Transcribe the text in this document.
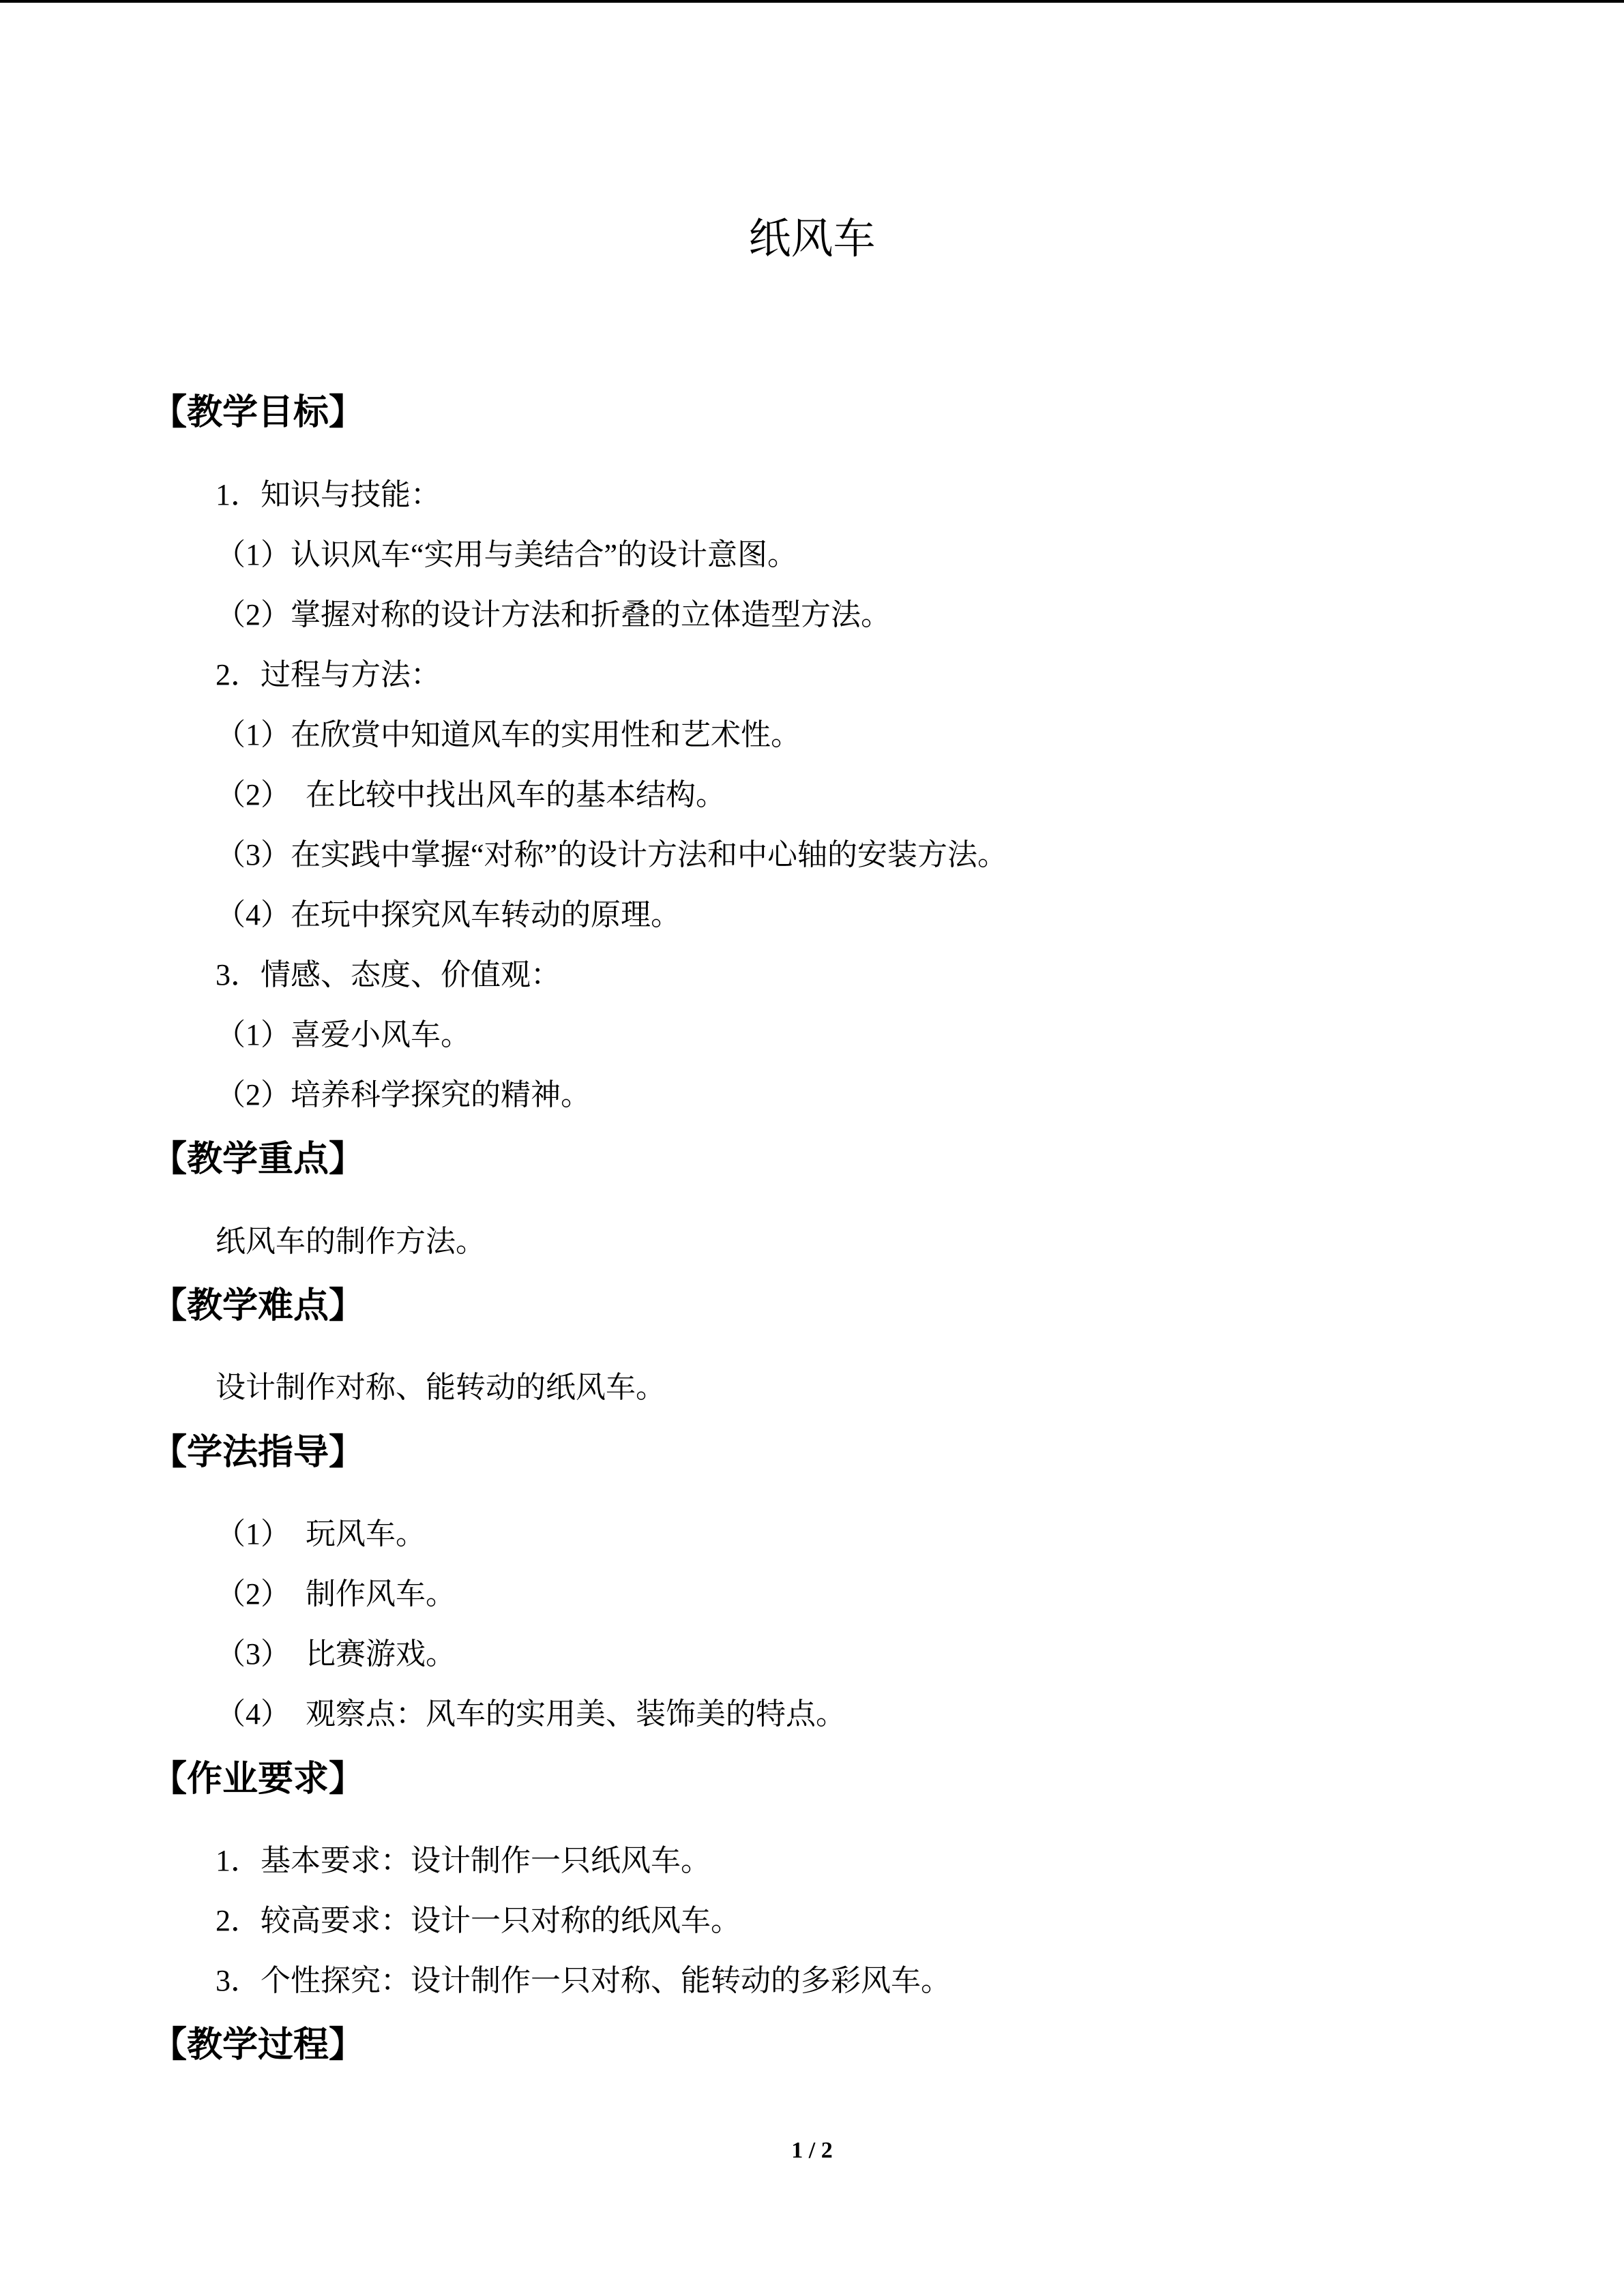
纸风车
【教学目标】
1．知识与技能：
（1）认识风车“实用与美结合”的设计意图。
（2）掌握对称的设计方法和折叠的立体造型方法。
2．过程与方法：
（1）在欣赏中知道风车的实用性和艺术性。
（2）  在比较中找出风车的基本结构。
（3）在实践中掌握“对称”的设计方法和中心轴的安装方法。
（4）在玩中探究风车转动的原理。
3．情感、态度、价值观：
（1）喜爱小风车。
（2）培养科学探究的精神。
【教学重点】
纸风车的制作方法。
【教学难点】
设计制作对称、能转动的纸风车。
【学法指导】
（1）  玩风车。
（2）  制作风车。
（3）  比赛游戏。
（4）  观察点：风车的实用美、装饰美的特点。
【作业要求】
1．基本要求：设计制作一只纸风车。
2．较高要求：设计一只对称的纸风车。
3．个性探究：设计制作一只对称、能转动的多彩风车。
【教学过程】
1 / 2
